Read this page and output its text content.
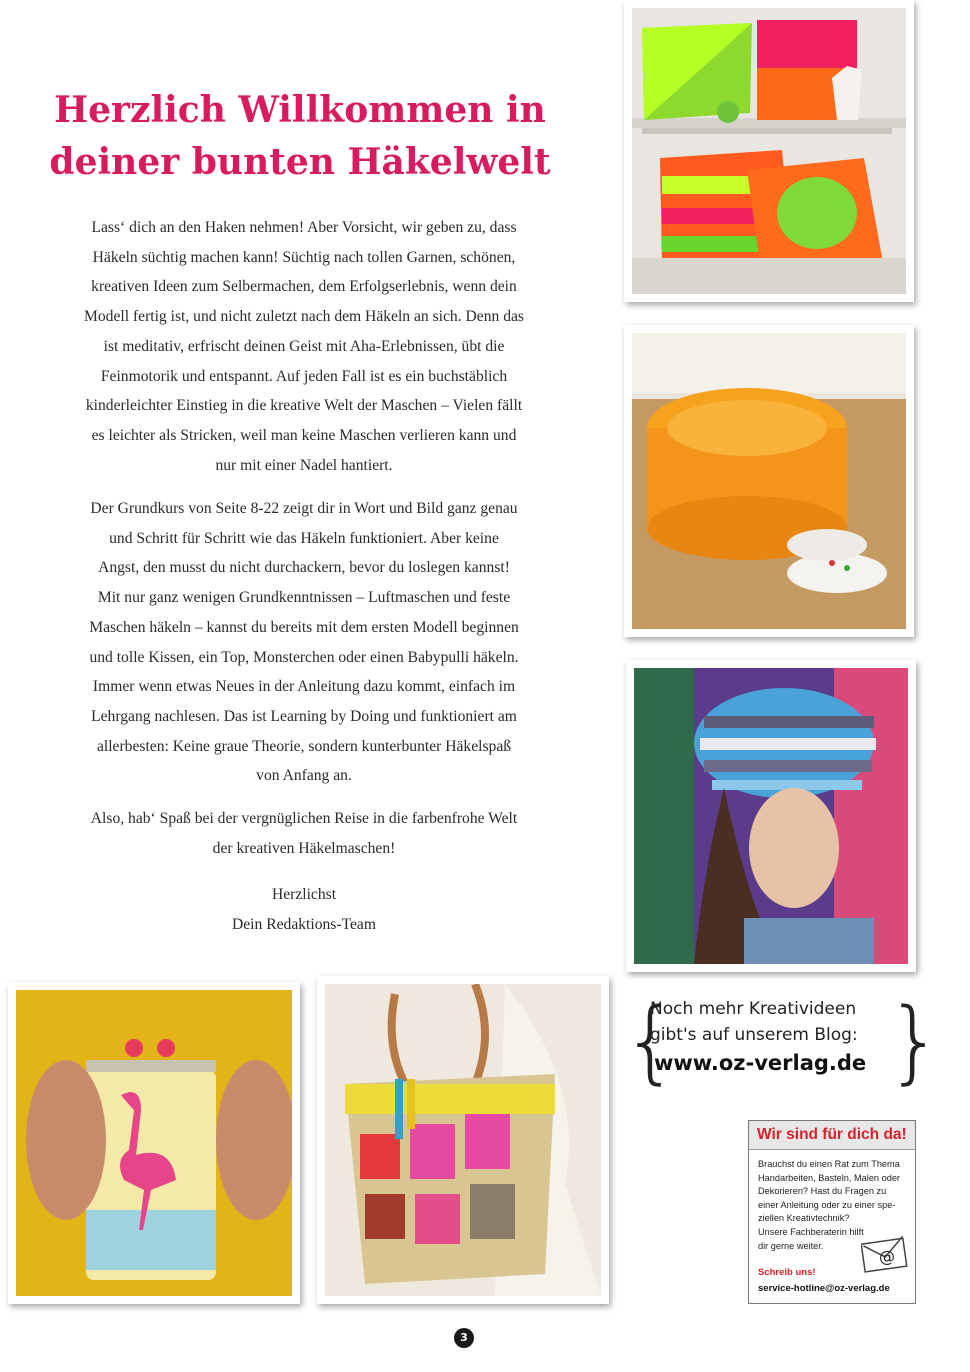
Herzlich Willkommen in
deiner bunten Häkelwelt

Lass‘ dich an den Haken nehmen! Aber Vorsicht, wir geben zu, dass
Häkeln süchtig machen kann! Süchtig nach tollen Garnen, schönen,
kreativen Ideen zum Selbermachen, dem Erfolgserlebnis, wenn dein
Modell fertig ist, und nicht zuletzt nach dem Häkeln an sich. Denn das
ist meditativ, erfrischt deinen Geist mit Aha-Erlebnissen, übt die
Feinmotorik und entspannt. Auf jeden Fall ist es ein buchstäblich
kinderleichter Einstieg in die kreative Welt der Maschen – Vielen fällt
es leichter als Stricken, weil man keine Maschen verlieren kann und
nur mit einer Nadel hantiert.

Der Grundkurs von Seite 8-22 zeigt dir in Wort und Bild ganz genau
und Schritt für Schritt wie das Häkeln funktioniert. Aber keine
Angst, den musst du nicht durchackern, bevor du loslegen kannst!
Mit nur ganz wenigen Grundkenntnissen – Luftmaschen und feste
Maschen häkeln – kannst du bereits mit dem ersten Modell beginnen
und tolle Kissen, ein Top, Monsterchen oder einen Babypulli häkeln.
Immer wenn etwas Neues in der Anleitung dazu kommt, einfach im
Lehrgang nachlesen. Das ist Learning by Doing und funktioniert am
allerbesten: Keine graue Theorie, sondern kunterbunter Häkelspaß
von Anfang an.

Also, hab‘ Spaß bei der vergnüglichen Reise in die farbenfrohe Welt
der kreativen Häkelmaschen!

Herzlichst
Dein Redaktions-Team
{ }
Noch mehr Kreativideen
gibt's auf unserem Blog:
www.oz-verlag.de
Wir sind für dich da!
Brauchst du einen Rat zum Thema
Handarbeiten, Basteln, Malen oder
Dekorieren? Hast du Fragen zu
einer Anleitung oder zu einer spe-
ziellen Kreativtechnik?
Unsere Fachberaterin hilft
dir gerne weiter.
@
Schreib uns!
service-hotline@oz-verlag.de
3
